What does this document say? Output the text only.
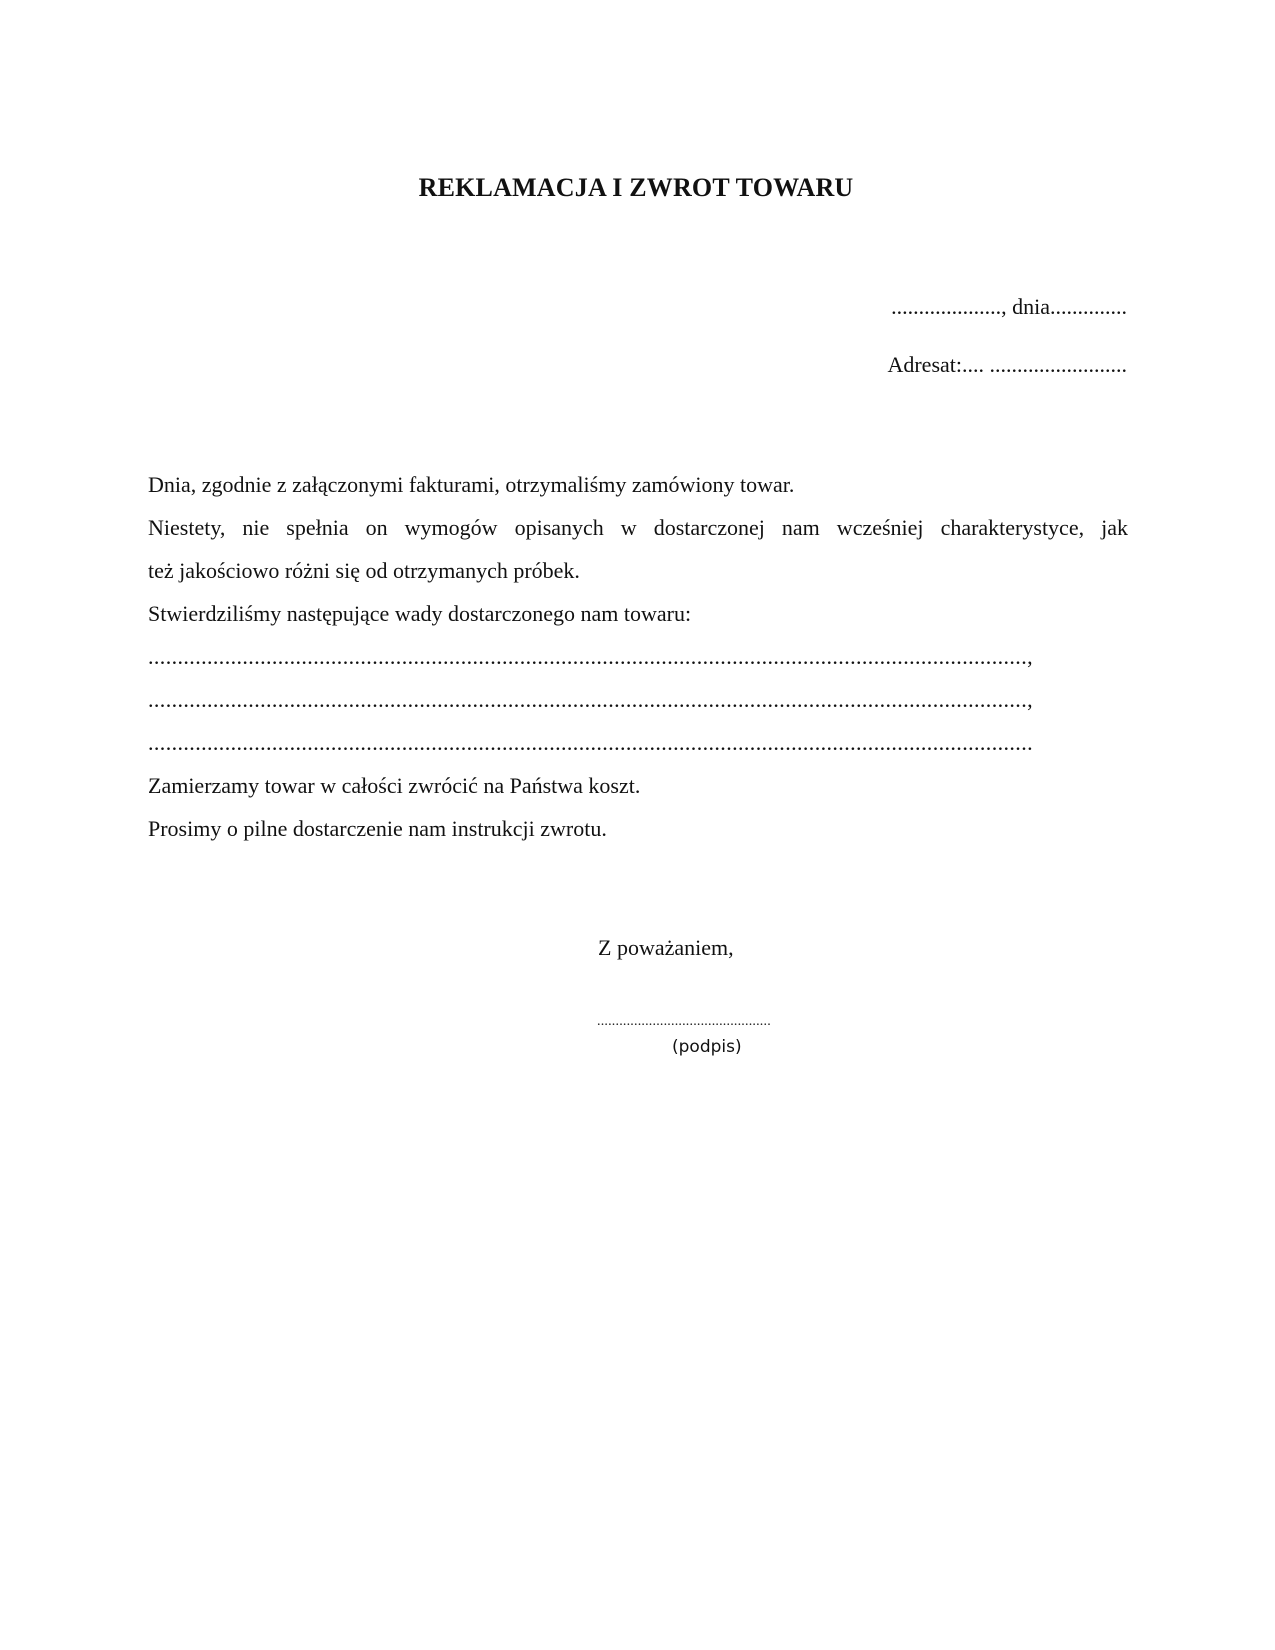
REKLAMACJA I ZWROT TOWARU
...................., dnia..............
Adresat:.... .........................
Dnia, zgodnie z załączonymi fakturami, otrzymaliśmy zamówiony towar.
Niestety, nie spełnia on wymogów opisanych w dostarczonej nam wcześniej charakterystyce, jak
też jakościowo różni się od otrzymanych próbek.
Stwierdziliśmy następujące wady dostarczonego nam towaru:
.....................................................................................................................................................,
.....................................................................................................................................................,
......................................................................................................................................................
Zamierzamy towar w całości zwrócić na Państwa koszt.
Prosimy o pilne dostarczenie nam instrukcji zwrotu.
Z poważaniem,
...............................................
(podpis)
